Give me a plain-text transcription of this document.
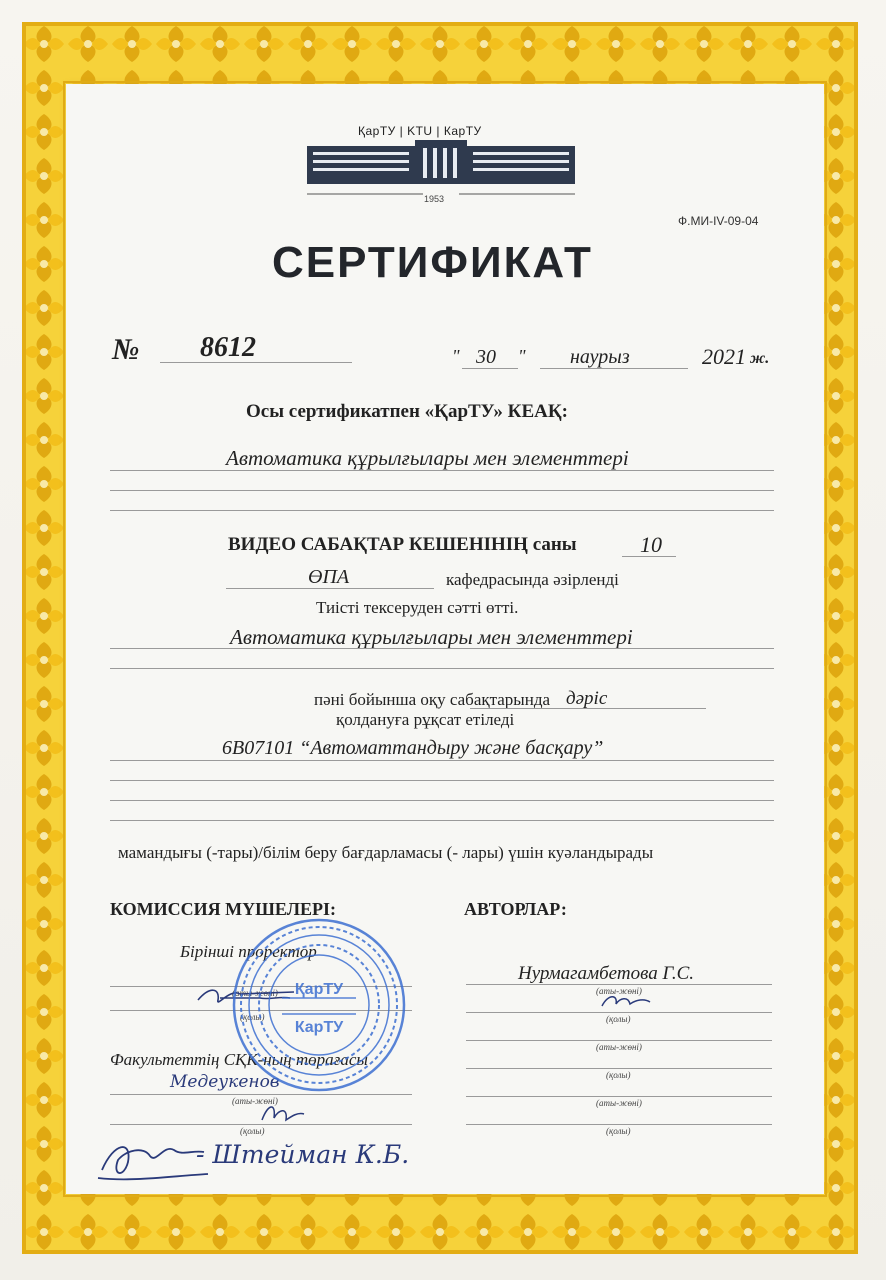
ҚарТУ | KTU | КарТУ
1953
Ф.МИ-IV-09-04
СЕРТИФИКАТ
№ 8612	" 30 " наурыз	2021 ж.
Осы сертификатпен «ҚарТУ» КЕАҚ:
Автоматика құрылғылары мен элементтері
ВИДЕО САБАҚТАР КЕШЕНІНІҢ саны	10
ӨПА	кафедрасында әзірленді
Тиісті тексеруден сәтті өтті.
Автоматика құрылғылары мен элементтері
пәні бойынша оқу сабақтарында дәріс
қолдануға рұқсат етіледі
6В07101 “Автоматтандыру және басқару”
мамандығы (-тары)/білім беру бағдарламасы (- лары) үшін куәландырады
КОМИССИЯ МҮШЕЛЕРІ:
Бірінші проректор
(аты-жөні)
(қолы)
Факультеттің СҚК-ның төрағасы
Медеукенов
(аты-жөні)
(қолы)
- Штейман К.Б.
АВТОРЛАР:
Нурмагамбетова Г.С.
(аты-жөні)
(қолы)
(аты-жөні)
(қолы)
(аты-жөні)
(қолы)
ҚарТУ
КарТУ
